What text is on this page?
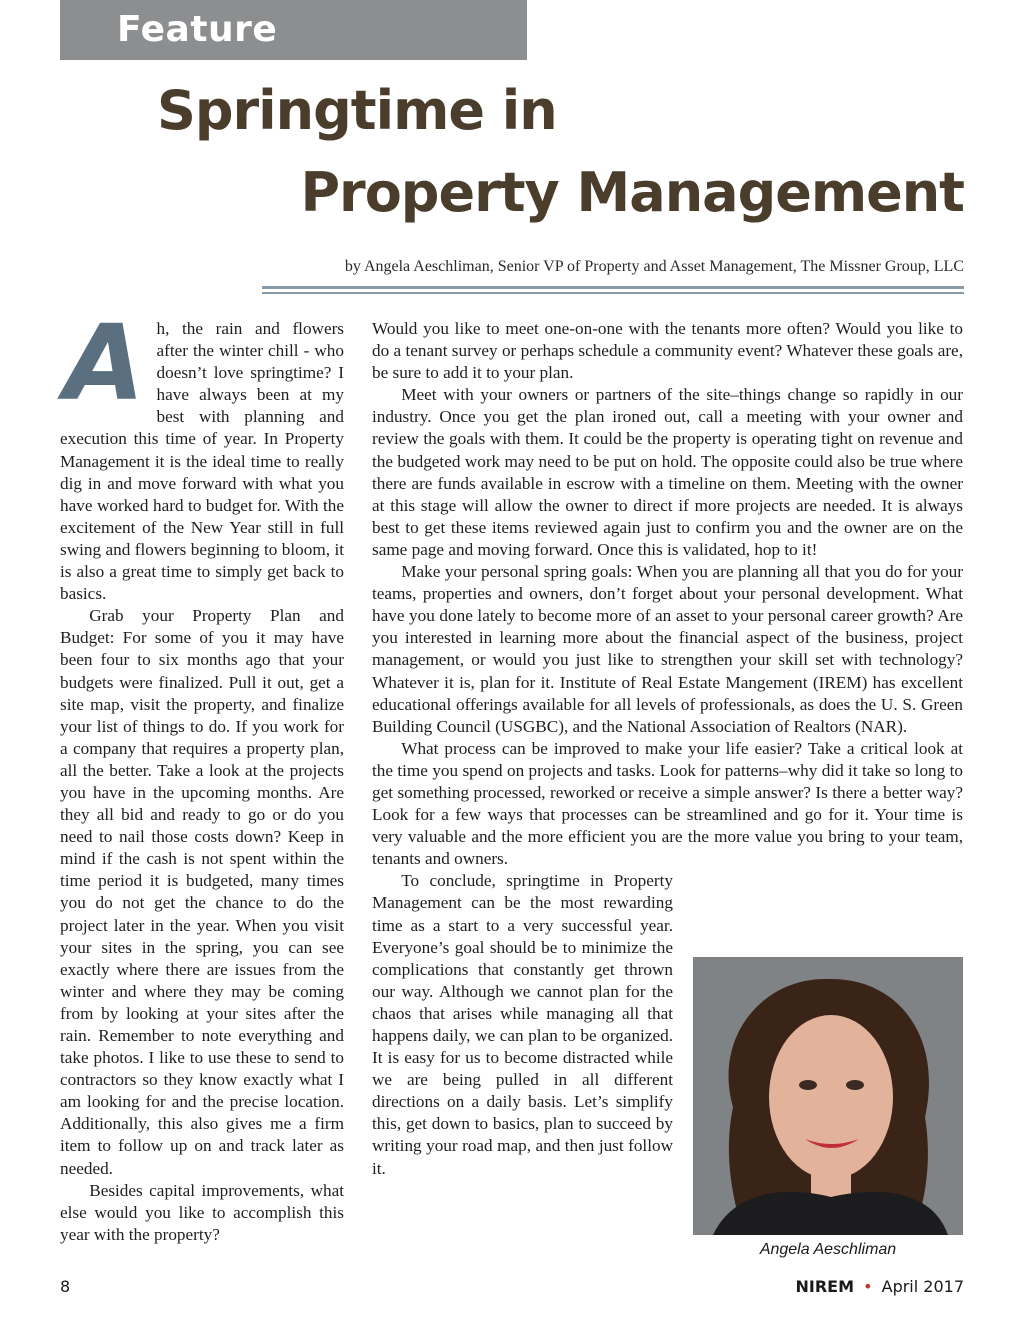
Feature
Springtime in
Property Management
by Angela Aeschliman, Senior VP of Property and Asset Management, The Missner Group, LLC

Ah, the rain and flowers after the winter chill - who doesn’t love springtime? I have always been at my best with planning and execution this time of year. In Property Management it is the ideal time to really dig in and move forward with what you have worked hard to budget for. With the excitement of the New Year still in full swing and flowers beginning to bloom, it is also a great time to simply get back to basics.

Grab your Property Plan and Budget: For some of you it may have been four to six months ago that your budgets were finalized. Pull it out, get a site map, visit the property, and finalize your list of things to do. If you work for a company that requires a property plan, all the better. Take a look at the projects you have in the upcoming months. Are they all bid and ready to go or do you need to nail those costs down? Keep in mind if the cash is not spent within the time period it is budgeted, many times you do not get the chance to do the project later in the year. When you visit your sites in the spring, you can see exactly where there are issues from the winter and where they may be coming from by looking at your sites after the rain. Remember to note everything and take photos. I like to use these to send to contractors so they know exactly what I am looking for and the precise location. Additionally, this also gives me a firm item to follow up on and track later as needed.

Besides capital improvements, what else would you like to accomplish this year with the property?

Would you like to meet one-on-one with the tenants more often? Would you like to do a tenant survey or perhaps schedule a community event? Whatever these goals are, be sure to add it to your plan.

Meet with your owners or partners of the site–things change so rapidly in our industry. Once you get the plan ironed out, call a meeting with your owner and review the goals with them. It could be the property is operating tight on revenue and the budgeted work may need to be put on hold. The opposite could also be true where there are funds available in escrow with a timeline on them. Meeting with the owner at this stage will allow the owner to direct if more projects are needed. It is always best to get these items reviewed again just to confirm you and the owner are on the same page and moving forward. Once this is validated, hop to it!

Make your personal spring goals: When you are planning all that you do for your teams, properties and owners, don’t forget about your personal development. What have you done lately to become more of an asset to your personal career growth? Are you interested in learning more about the financial aspect of the business, project management, or would you just like to strengthen your skill set with technology? Whatever it is, plan for it. Institute of Real Estate Mangement (IREM) has excellent educational offerings available for all levels of professionals, as does the U. S. Green Building Council (USGBC), and the National Association of Realtors (NAR).

What process can be improved to make your life easier? Take a critical look at the time you spend on projects and tasks. Look for patterns–why did it take so long to get something processed, reworked or receive a simple answer? Is there a better way? Look for a few ways that processes can be streamlined and go for it. Your time is very valuable and the more efficient you are the more value you bring to your team, tenants and owners.

To conclude, springtime in Property Management can be the most rewarding time as a start to a very successful year. Everyone’s goal should be to minimize the complications that constantly get thrown our way. Although we cannot plan for the chaos that arises while managing all that happens daily, we can plan to be organized. It is easy for us to become distracted while we are being pulled in all different directions on a daily basis. Let’s simplify this, get down to basics, plan to succeed by writing your road map, and then just follow it.

Angela Aeschliman
8	NIREM • April 2017
